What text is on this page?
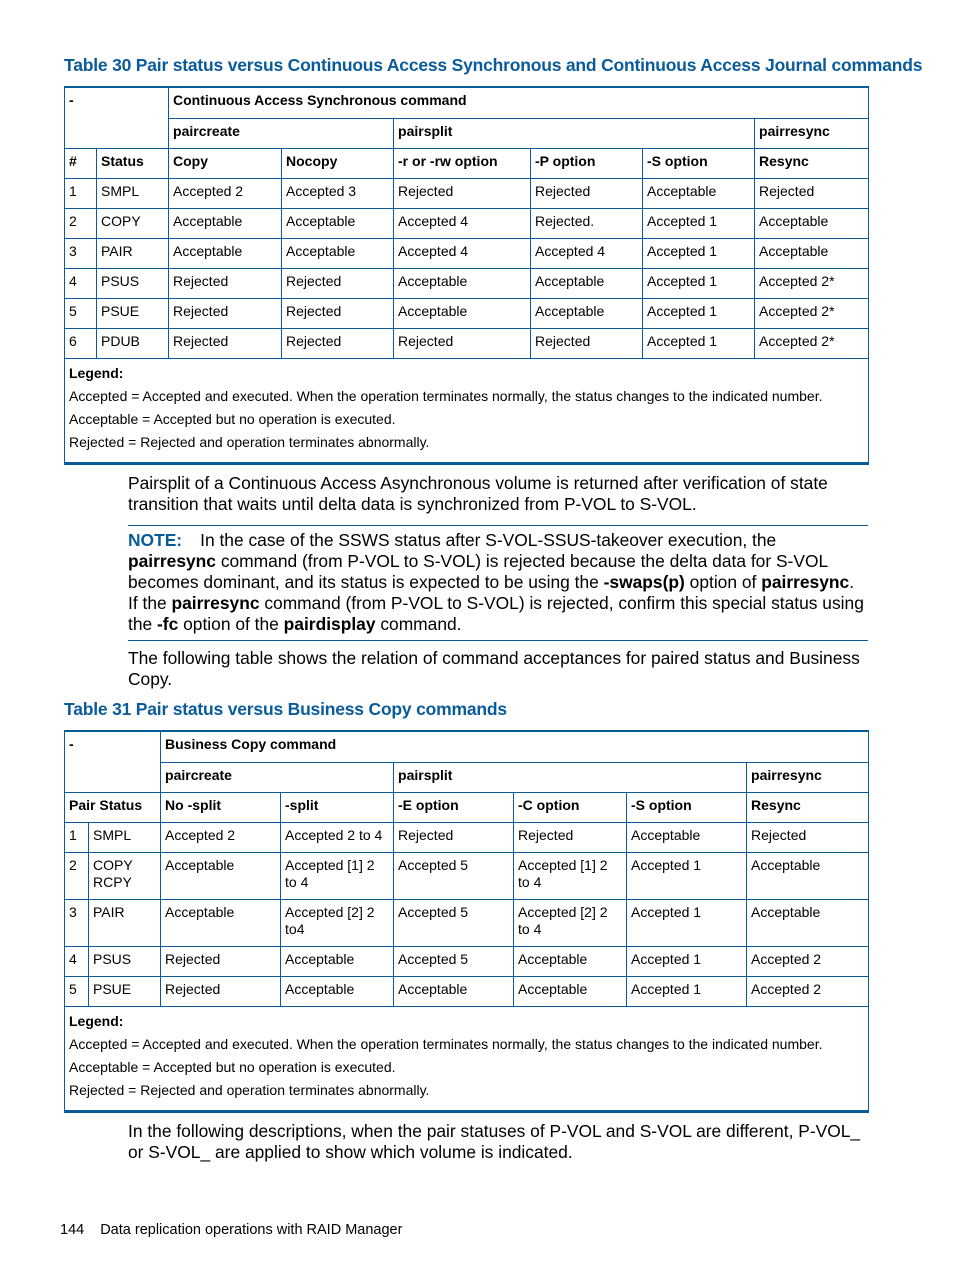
Table 30 Pair status versus Continuous Access Synchronous and Continuous Access Journal commands
-		Continuous Access Synchronous command					
		paircreate		pairsplit			pairresync
#	Status	Copy	Nocopy	-r or -rw option	-P option	-S option	Resync
1	SMPL	Accepted 2	Accepted 3	Rejected	Rejected	Acceptable	Rejected
2	COPY	Acceptable	Acceptable	Accepted 4	Rejected.	Accepted 1	Acceptable
3	PAIR	Acceptable	Acceptable	Accepted 4	Accepted 4	Accepted 1	Acceptable
4	PSUS	Rejected	Rejected	Acceptable	Acceptable	Accepted 1	Accepted 2*
5	PSUE	Rejected	Rejected	Acceptable	Acceptable	Accepted 1	Accepted 2*
6	PDUB	Rejected	Rejected	Rejected	Rejected	Accepted 1	Accepted 2*

Legend:
Accepted = Accepted and executed. When the operation terminates normally, the status changes to the indicated number.
Acceptable = Accepted but no operation is executed.
Rejected = Rejected and operation terminates abnormally.							
Pairsplit of a Continuous Access Asynchronous volume is returned after verification of state transition that waits until delta data is synchronized from P-VOL to S-VOL.
NOTE: In the case of the SSWS status after S-VOL-SSUS-takeover execution, the pairresync command (from P-VOL to S-VOL) is rejected because the delta data for S-VOL becomes dominant, and its status is expected to be using the -swaps(p) option of pairresync. If the pairresync command (from P-VOL to S-VOL) is rejected, confirm this special status using the -fc option of the pairdisplay command.
The following table shows the relation of command acceptances for paired status and Business Copy.
Table 31 Pair status versus Business Copy commands
-		Business Copy command					
		paircreate		pairsplit			pairresync
Pair Status		No -split	-split	-E option	-C option	-S option	Resync
1	SMPL	Accepted 2	Accepted 2 to 4	Rejected	Rejected	Acceptable	Rejected
2	COPY RCPY	Acceptable	Accepted [1] 2 to 4	Accepted 5	Accepted [1] 2 to 4	Accepted 1	Acceptable
3	PAIR	Acceptable	Accepted [2] 2 to4	Accepted 5	Accepted [2] 2 to 4	Accepted 1	Acceptable
4	PSUS	Rejected	Acceptable	Accepted 5	Acceptable	Accepted 1	Accepted 2
5	PSUE	Rejected	Acceptable	Acceptable	Acceptable	Accepted 1	Accepted 2

Legend:
Accepted = Accepted and executed. When the operation terminates normally, the status changes to the indicated number.
Acceptable = Accepted but no operation is executed.
Rejected = Rejected and operation terminates abnormally.							
In the following descriptions, when the pair statuses of P-VOL and S-VOL are different, P-VOL_ or S-VOL_ are applied to show which volume is indicated.
144 Data replication operations with RAID Manager
